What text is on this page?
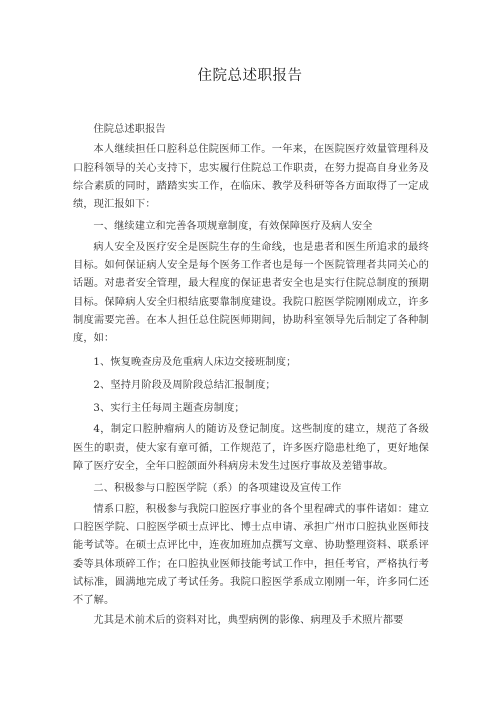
住院总述职报告

住院总述职报告

本人继续担任口腔科总住院医师工作。一年来，在医院医疗效量管理科及口腔科领导的关心支持下，忠实履行住院总工作职责，在努力提高自身业务及综合素质的同时，踏踏实实工作，在临床、教学及科研等各方面取得了一定成绩，现汇报如下：

一、继续建立和完善各项规章制度，有效保障医疗及病人安全

病人安全及医疗安全是医院生存的生命线，也是患者和医生所追求的最终目标。如何保证病人安全是每个医务工作者也是每一个医院管理者共同关心的话题。对患者安全管理，最大程度的保证患者安全也是实行住院总制度的预期目标。保障病人安全归根结底要靠制度建设。我院口腔医学院刚刚成立，许多制度需要完善。在本人担任总住院医师期间，协助科室领导先后制定了各种制度，如：

1、恢复晚查房及危重病人床边交接班制度；

2、坚持月阶段及周阶段总结汇报制度；

3、实行主任每周主题查房制度；

4，制定口腔肿瘤病人的随访及登记制度。这些制度的建立，规范了各级医生的职责，使大家有章可循，工作规范了，许多医疗隐患杜绝了，更好地保障了医疗安全，全年口腔颌面外科病房未发生过医疗事故及差错事故。

二、积极参与口腔医学院（系）的各项建设及宣传工作

情系口腔，积极参与我院口腔医疗事业的各个里程碑式的事件诸如：建立口腔医学院、口腔医学硕士点评比、博士点申请、承担广州市口腔执业医师技能考试等。在硕士点评比中，连夜加班加点撰写文章、协助整理资料、联系评委等具体琐碎工作；在口腔执业医师技能考试工作中，担任考官，严格执行考试标准，圆满地完成了考试任务。我院口腔医学系成立刚刚一年，许多同仁还不了解。

尤其是术前术后的资料对比，典型病例的影像、病理及手术照片都要
